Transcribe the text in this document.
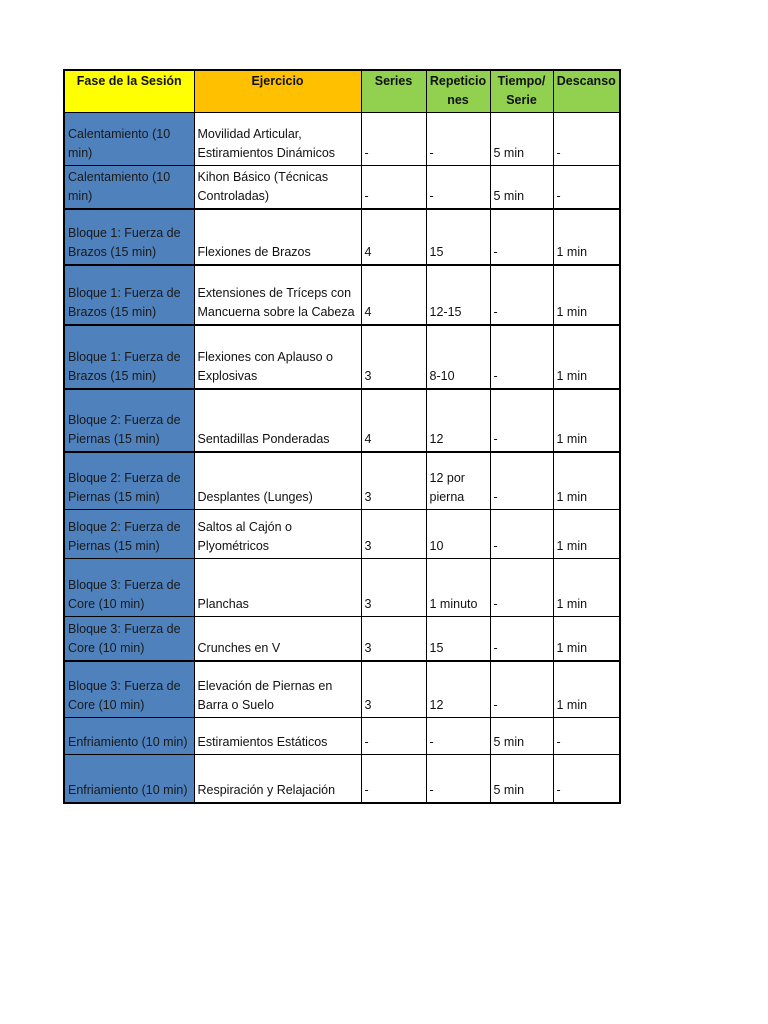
Fase de la Sesión	Ejercicio	Series	Repeticiones	Tiempo/Serie	Descanso
Calentamiento (10 min)	Movilidad Articular, Estiramientos Dinámicos	-	-	5 min	-
Calentamiento (10 min)	Kihon Básico (Técnicas Controladas)	-	-	5 min	-
Bloque 1: Fuerza de Brazos (15 min)	Flexiones de Brazos	4	15	-	1 min
Bloque 1: Fuerza de Brazos (15 min)	Extensiones de Tríceps con Mancuerna sobre la Cabeza	4	12-15	-	1 min
Bloque 1: Fuerza de Brazos (15 min)	Flexiones con Aplauso o Explosivas	3	8-10	-	1 min
Bloque 2: Fuerza de Piernas (15 min)	Sentadillas Ponderadas	4	12	-	1 min
Bloque 2: Fuerza de Piernas (15 min)	Desplantes (Lunges)	3	12 por pierna	-	1 min
Bloque 2: Fuerza de Piernas (15 min)	Saltos al Cajón o Plyométricos	3	10	-	1 min
Bloque 3: Fuerza de Core (10 min)	Planchas	3	1 minuto	-	1 min
Bloque 3: Fuerza de Core (10 min)	Crunches en V	3	15	-	1 min
Bloque 3: Fuerza de Core (10 min)	Elevación de Piernas en Barra o Suelo	3	12	-	1 min
Enfriamiento (10 min)	Estiramientos Estáticos	-	-	5 min	-
Enfriamiento (10 min)	Respiración y Relajación	-	-	5 min	-
